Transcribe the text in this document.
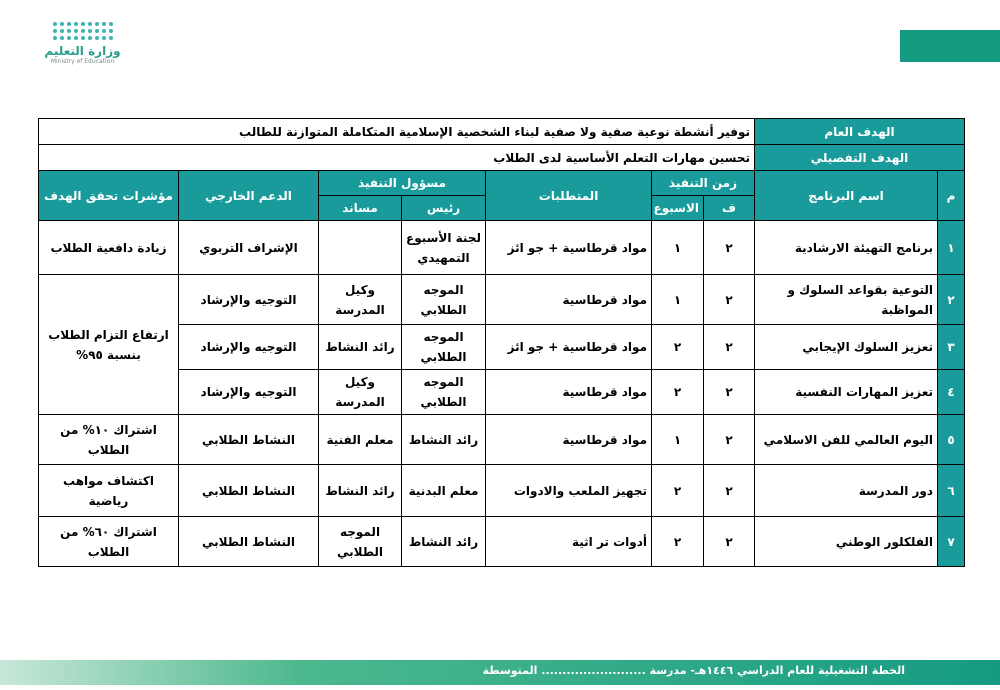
وزارة التعليم
Ministry of Education
الهدف العام		توفير أنشطة نوعية صفية ولا صفية لبناء الشخصية الإسلامية المتكاملة المتوازنة للطالب						
الهدف التفصيلي		تحسين مهارات التعلم الأساسية لدى الطلاب						
م	اسم البرنامج	زمن التنفيذ		المتطلبات	مسؤول التنفيذ		الدعم الخارجي	مؤشرات تحقق الهدف
		ف	الاسبوع		رئيس	مساند		
١	برنامج التهيئة الارشادية	٢	١	مواد قرطاسية + جو ائز	لجنة الأسبوع التمهيدي		الإشراف التربوي	زيادة دافعية الطلاب
٢	التوعية بقواعد السلوك و المواظبة	٢	١	مواد قرطاسية	الموجه الطلابي	وكيل المدرسة	التوجيه والإرشاد	ارتفاع التزام الطلاب بنسبة ٩٥%
٣	تعزيز السلوك الإيجابي	٢	٢	مواد قرطاسية + جو ائز	الموجه الطلابي	رائد النشاط	التوجيه والإرشاد	
٤	تعزيز المهارات النفسية	٢	٢	مواد قرطاسية	الموجه الطلابي	وكيل المدرسة	التوجيه والإرشاد	
٥	اليوم العالمي للفن الاسلامي	٢	١	مواد قرطاسية	رائد النشاط	معلم الفنية	النشاط الطلابي	اشتراك ١٠% من الطلاب
٦	دور المدرسة	٢	٢	تجهيز الملعب والادوات	معلم البدنية	رائد النشاط	النشاط الطلابي	اكتشاف مواهب رياضية
٧	الفلكلور الوطني	٢	٢	أدوات تر اثية	رائد النشاط	الموجه الطلابي	النشاط الطلابي	اشتراك ٦٠% من الطلاب
الخطة التشغيلية للعام الدراسي ١٤٤٦هـ- مدرسة ......................... المتوسطة
